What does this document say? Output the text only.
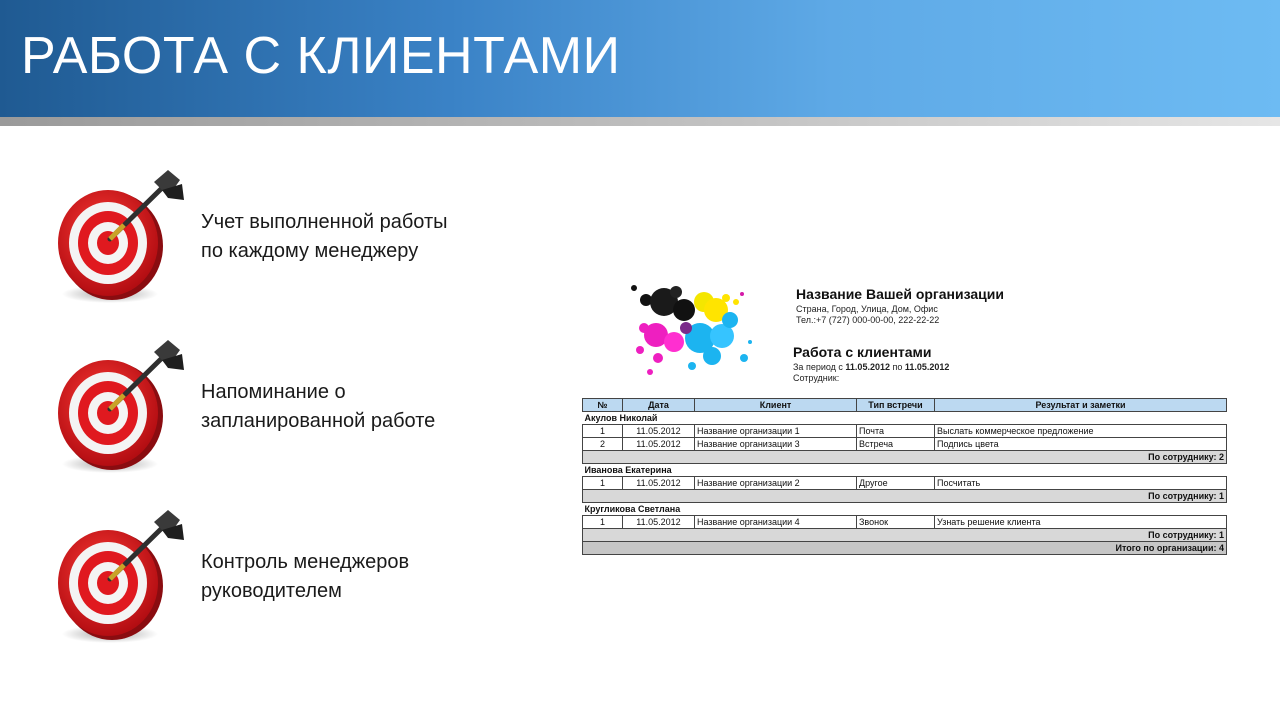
РАБОТА С КЛИЕНТАМИ
Учет выполненной работы
по каждому менеджеру
Напоминание о
запланированной работе
Контроль менеджеров
руководителем
Название Вашей организации
Страна, Город, Улица, Дом, Офис
Тел.:+7 (727) 000-00-00, 222-22-22
Работа с клиентами
За период с 11.05.2012 по 11.05.2012
Сотрудник:
№	Дата	Клиент	Тип встречи	Результат и заметки
Акулов Николай				
1	11.05.2012	Название организации 1	Почта	Выслать коммерческое предложение
2	11.05.2012	Название организации 3	Встреча	Подпись цвета
По сотруднику: 2				
Иванова Екатерина				
1	11.05.2012	Название организации 2	Другое	Посчитать
По сотруднику: 1				
Кругликова Светлана				
1	11.05.2012	Название организации 4	Звонок	Узнать решение клиента
По сотруднику: 1				
Итого по организации: 4				
